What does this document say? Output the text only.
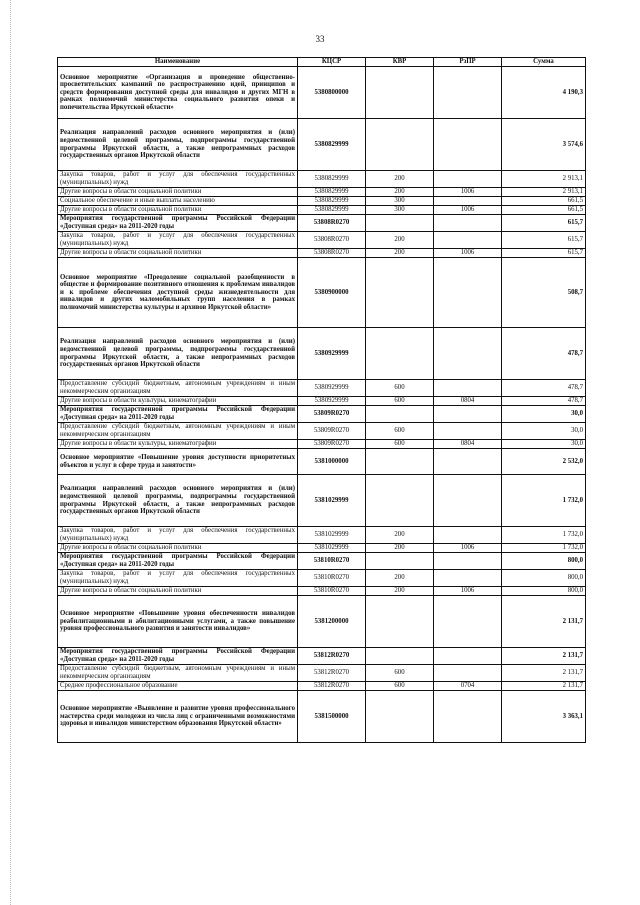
33
Наименование	КЦСР	КВР	РзПР	Сумма
Основное мероприятие «Организация и проведение общественно-просветительских кампаний по распространению идей, принципов и средств формирования доступной среды для инвалидов и других МГН в рамках полномочий министерства социального развития опеки и попечительства Иркутской области»	5380800000			4 190,3
Реализация направлений расходов основного мероприятия и (или) ведомственной целевой программы, подпрограммы государственной программы Иркутской области, а также непрограммных расходов государственных органов Иркутской области	5380829999			3 574,6
Закупка товаров, работ и услуг для обеспечения государственных (муниципальных) нужд	5380829999	200		2 913,1
Другие вопросы в области социальной политики	5380829999	200	1006	2 913,1
Социальное обеспечение и иные выплаты населению	5380829999	300		661,5
Другие вопросы в области социальной политики	5380829999	300	1006	661,5
Мероприятия государственной программы Российской Федерации «Доступная среда» на 2011-2020 годы	53808R0270			615,7
Закупка товаров, работ и услуг для обеспечения государственных (муниципальных) нужд	53808R0270	200		615,7
Другие вопросы в области социальной политики	53808R0270	200	1006	615,7
Основное мероприятие «Преодоление социальной разобщенности в обществе и формирование позитивного отношения к проблемам инвалидов и к проблеме обеспечения доступной среды жизнедеятельности для инвалидов и других маломобильных групп населения в рамках полномочий министерства культуры и архивов Иркутской области»	5380900000			508,7
Реализация направлений расходов основного мероприятия и (или) ведомственной целевой программы, подпрограммы государственной программы Иркутской области, а также непрограммных расходов государственных органов Иркутской области	5380929999			478,7
Предоставление субсидий бюджетным, автономным учреждениям и иным некоммерческим организациям	5380929999	600		478,7
Другие вопросы в области культуры, кинематографии	5380929999	600	0804	478,7
Мероприятия государственной программы Российской Федерации «Доступная среда» на 2011-2020 годы	53809R0270			30,0
Предоставление субсидий бюджетным, автономным учреждениям и иным некоммерческим организациям	53809R0270	600		30,0
Другие вопросы в области культуры, кинематографии	53809R0270	600	0804	30,0
Основное мероприятие «Повышение уровня доступности приоритетных объектов и услуг в сфере труда и занятости»	5381000000			2 532,0
Реализация направлений расходов основного мероприятия и (или) ведомственной целевой программы, подпрограммы государственной программы Иркутской области, а также непрограммных расходов государственных органов Иркутской области	5381029999			1 732,0
Закупка товаров, работ и услуг для обеспечения государственных (муниципальных) нужд	5381029999	200		1 732,0
Другие вопросы в области социальной политики	5381029999	200	1006	1 732,0
Мероприятия государственной программы Российской Федерации «Доступная среда» на 2011-2020 годы	53810R0270			800,0
Закупка товаров, работ и услуг для обеспечения государственных (муниципальных) нужд	53810R0270	200		800,0
Другие вопросы в области социальной политики	53810R0270	200	1006	800,0
Основное мероприятие «Повышение уровня обеспеченности инвалидов реабилитационными и абилитационными услугами, а также повышение уровня профессионального развития и занятости инвалидов»	5381200000			2 131,7
Мероприятия государственной программы Российской Федерации «Доступная среда» на 2011-2020 годы	53812R0270			2 131,7
Предоставление субсидий бюджетным, автономным учреждениям и иным некоммерческим организациям	53812R0270	600		2 131,7
Среднее профессиональное образование	53812R0270	600	0704	2 131,7
Основное мероприятие «Выявление и развитие уровня профессионального мастерства среди молодежи из числа лиц с ограниченными возможностями здоровья и инвалидов министерством образования Иркутской области»	5381500000			3 363,1
